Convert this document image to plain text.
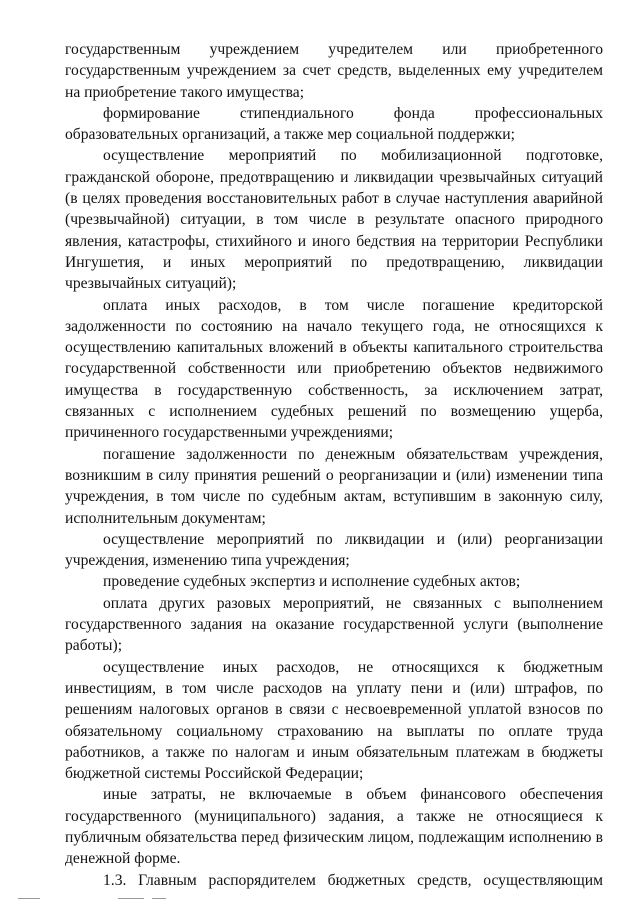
государственным учреждением учредителем или приобретенного государственным учреждением за счет средств, выделенных ему учредителем на приобретение такого имущества;

формирование стипендиального фонда профессиональных образовательных организаций, а также мер социальной поддержки;

осуществление мероприятий по мобилизационной подготовке, гражданской обороне, предотвращению и ликвидации чрезвычайных ситуаций (в целях проведения восстановительных работ в случае наступления аварийной (чрезвычайной) ситуации, в том числе в результате опасного природного явления, катастрофы, стихийного и иного бедствия на территории Республики Ингушетия, и иных мероприятий по предотвращению, ликвидации чрезвычайных ситуаций);

оплата иных расходов, в том числе погашение кредиторской задолженности по состоянию на начало текущего года, не относящихся к осуществлению капитальных вложений в объекты капитального строительства государственной собственности или приобретению объектов недвижимого имущества в государственную собственность, за исключением затрат, связанных с исполнением судебных решений по возмещению ущерба, причиненного государственными учреждениями;

погашение задолженности по денежным обязательствам учреждения, возникшим в силу принятия решений о реорганизации и (или) изменении типа учреждения, в том числе по судебным актам, вступившим в законную силу, исполнительным документам;

осуществление мероприятий по ликвидации и (или) реорганизации учреждения, изменению типа учреждения;

проведение судебных экспертиз и исполнение судебных актов;

оплата других разовых мероприятий, не связанных с выполнением государственного задания на оказание государственной услуги (выполнение работы);

осуществление иных расходов, не относящихся к бюджетным инвестициям, в том числе расходов на уплату пени и (или) штрафов, по решениям налоговых органов в связи с несвоевременной уплатой взносов по обязательному социальному страхованию на выплаты по оплате труда работников, а также по налогам и иным обязательным платежам в бюджеты бюджетной системы Российской Федерации;

иные затраты, не включаемые в объем финансового обеспечения государственного (муниципального) задания, а также не относящиеся к публичным обязательства перед физическим лицом, подлежащим исполнению в денежной форме.

1.3. Главным распорядителем бюджетных средств, осуществляющим
